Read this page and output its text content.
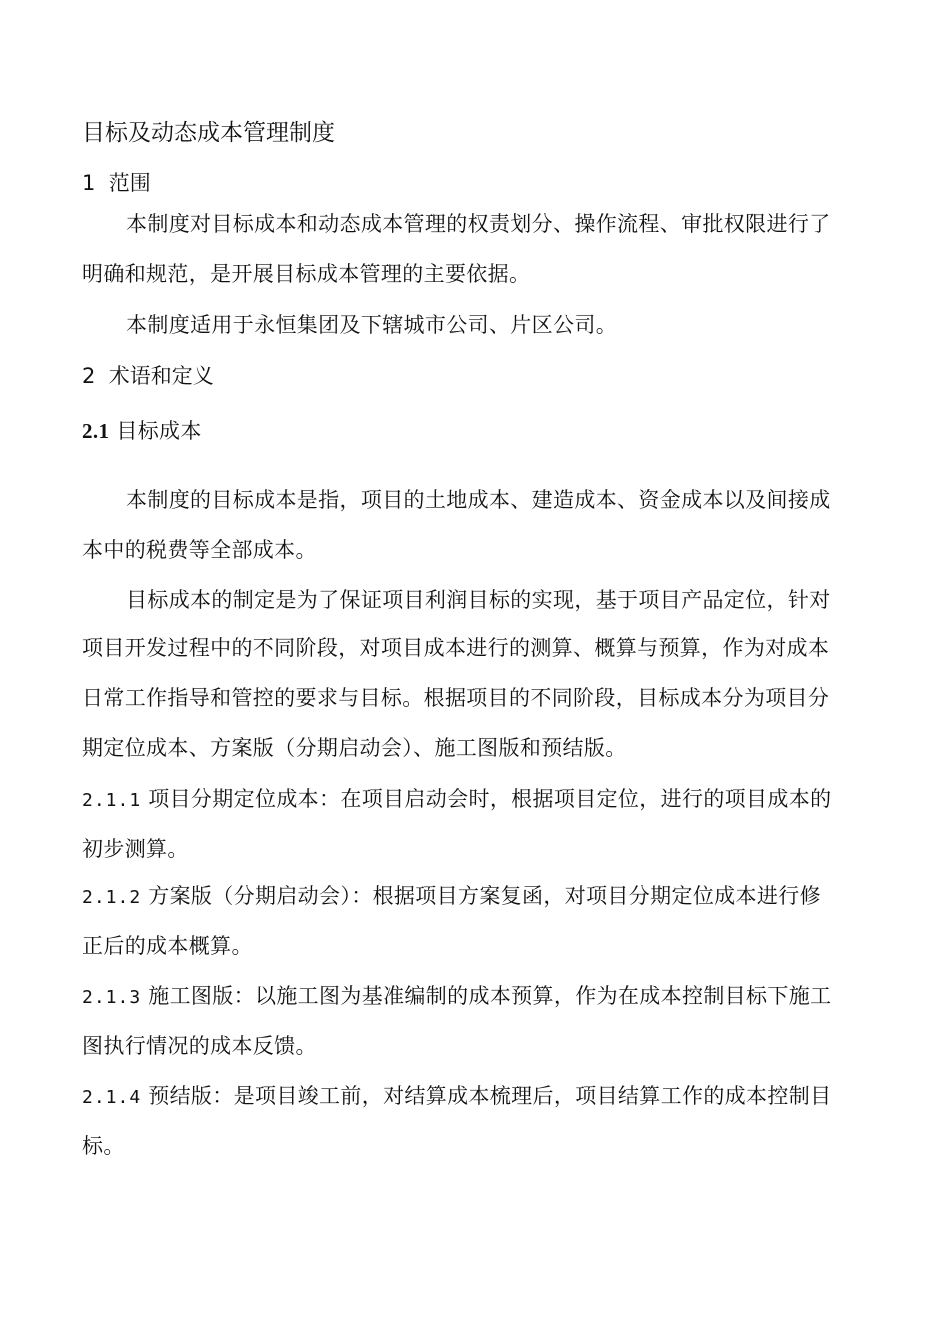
目标及动态成本管理制度
1 范围
本制度对目标成本和动态成本管理的权责划分、操作流程、审批权限进行了
明确和规范，是开展目标成本管理的主要依据。
本制度适用于永恒集团及下辖城市公司、片区公司。
2 术语和定义
2.1 目标成本
本制度的目标成本是指，项目的土地成本、建造成本、资金成本以及间接成
本中的税费等全部成本。
目标成本的制定是为了保证项目利润目标的实现，基于项目产品定位，针对
项目开发过程中的不同阶段，对项目成本进行的测算、概算与预算，作为对成本
日常工作指导和管控的要求与目标。根据项目的不同阶段，目标成本分为项目分
期定位成本、方案版（分期启动会）、施工图版和预结版。
2.1.1 项目分期定位成本：在项目启动会时，根据项目定位，进行的项目成本的
初步测算。
2.1.2 方案版（分期启动会）：根据项目方案复函，对项目分期定位成本进行修
正后的成本概算。
2.1.3 施工图版：以施工图为基准编制的成本预算，作为在成本控制目标下施工
图执行情况的成本反馈。
2.1.4 预结版：是项目竣工前，对结算成本梳理后，项目结算工作的成本控制目
标。
